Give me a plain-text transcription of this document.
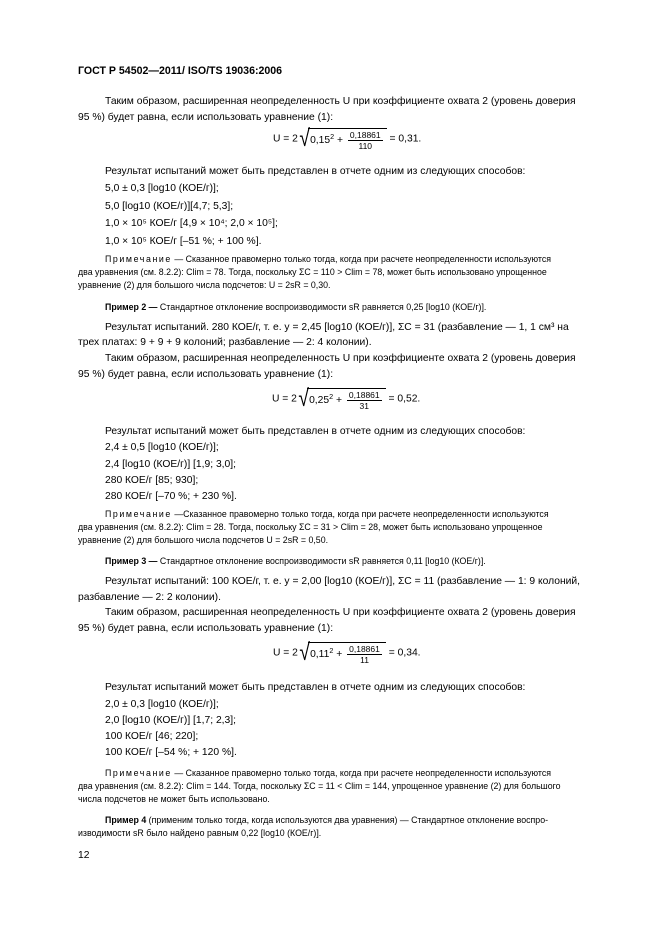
ГОСТ Р 54502—2011/ ISO/TS 19036:2006
Таким образом, расширенная неопределенность U при коэффициенте охвата 2 (уровень доверия
95 %) будет равна, если использовать уравнение (1):
$U = 2√0,15^2 + \frac{0,18861}{110} = 0,31$.
Результат испытаний может быть представлен в отчете одним из следующих способов:
5,0 ± 0,3 [log10 (КОЕ/г)];
5,0 [log10 (КОЕ/г)][4,7; 5,3];
1,0 × 10⁵ КОЕ/г [4,9 × 10⁴; 2,0 × 10⁵];
1,0 × 10⁵ КОЕ/г [–51 %; + 100 %].
Примечание — Сказанное правомерно только тогда, когда при расчете неопределенности используются
два уравнения (см. 8.2.2): Clim = 78. Тогда, поскольку ΣC = 110 > Clim = 78, может быть использовано упрощенное
уравнение (2) для большого числа подсчетов: U = 2sR = 0,30.
Пример 2 — Стандартное отклонение воспроизводимости sR равняется 0,25 [log10 (КОЕ/г)].
Результат испытаний. 280 КОЕ/г, т. е. y = 2,45 [log10 (КОЕ/г)], ΣC = 31 (разбавление — 1, 1 см³ на
трех платах: 9 + 9 + 9 колоний; разбавление — 2: 4 колонии).
Таким образом, расширенная неопределенность U при коэффициенте охвата 2 (уровень доверия
95 %) будет равна, если использовать уравнение (1):
$U = 2√0,25^2 + \frac{0,18861}{31} = 0,52$.
Результат испытаний может быть представлен в отчете одним из следующих способов:
2,4 ± 0,5 [log10 (КОЕ/г)];
2,4 [log10 (КОЕ/г)] [1,9; 3,0];
280 КОЕ/г [85; 930];
280 КОЕ/г [–70 %; + 230 %].
Примечание —Сказанное правомерно только тогда, когда при расчете неопределенности используются
два уравнения (см. 8.2.2): Clim = 28. Тогда, поскольку ΣC = 31 > Clim = 28, может быть использовано упрощенное
уравнение (2) для большого числа подсчетов U = 2sR = 0,50.
Пример 3 — Стандартное отклонение воспроизводимости sR равняется 0,11 [log10 (КОЕ/г)].
Результат испытаний: 100 КОЕ/г, т. е. y = 2,00 [log10 (КОЕ/г)], ΣC = 11 (разбавление — 1: 9 колоний,
разбавление — 2: 2 колонии).
Таким образом, расширенная неопределенность U при коэффициенте охвата 2 (уровень доверия
95 %) будет равна, если использовать уравнение (1):
$U = 2√0,11^2 + \frac{0,18861}{11} = 0,34$.
Результат испытаний может быть представлен в отчете одним из следующих способов:
2,0 ± 0,3 [log10 (КОЕ/г)];
2,0 [log10 (КОЕ/г)] [1,7; 2,3];
100 КОЕ/г [46; 220];
100 КОЕ/г [–54 %; + 120 %].
Примечание — Сказанное правомерно только тогда, когда при расчете неопределенности используются
два уравнения (см. 8.2.2): Clim = 144. Тогда, поскольку ΣC = 11 < Clim = 144, упрощенное уравнение (2) для большого
числа подсчетов не может быть использовано.
Пример 4 (применим только тогда, когда используются два уравнения) — Стандартное отклонение воспро-
изводимости sR было найдено равным 0,22 [log10 (КОЕ/г)].
12
